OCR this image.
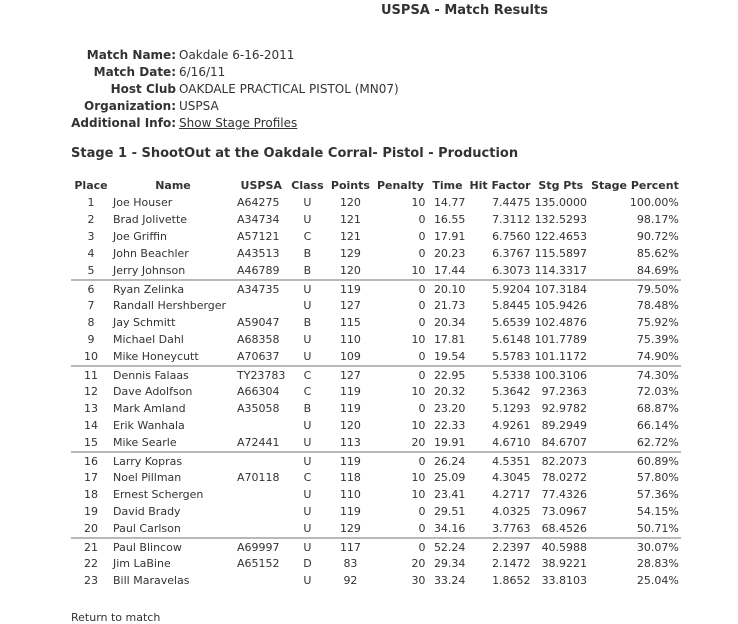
USPSA - Match Results
Match Name: Oakdale 6-16-2011
Match Date: 6/16/11
Host Club OAKDALE PRACTICAL PISTOL (MN07)
Organization: USPSA
Additional Info: Show Stage Profiles
Stage 1 - ShootOut at the Oakdale Corral- Pistol - Production
Place	Name	USPSA	Class	Points	Penalty	Time	Hit Factor	Stg Pts	Stage Percent
1	Joe Houser	A64275	U	120	10	14.77	7.4475	135.0000	100.00%
2	Brad Jolivette	A34734	U	121	0	16.55	7.3112	132.5293	98.17%
3	Joe Griffin	A57121	C	121	0	17.91	6.7560	122.4653	90.72%
4	John Beachler	A43513	B	129	0	20.23	6.3767	115.5897	85.62%
5	Jerry Johnson	A46789	B	120	10	17.44	6.3073	114.3317	84.69%
6	Ryan Zelinka	A34735	U	119	0	20.10	5.9204	107.3184	79.50%
7	Randall Hershberger		U	127	0	21.73	5.8445	105.9426	78.48%
8	Jay Schmitt	A59047	B	115	0	20.34	5.6539	102.4876	75.92%
9	Michael Dahl	A68358	U	110	10	17.81	5.6148	101.7789	75.39%
10	Mike Honeycutt	A70637	U	109	0	19.54	5.5783	101.1172	74.90%
11	Dennis Falaas	TY23783	C	127	0	22.95	5.5338	100.3106	74.30%
12	Dave Adolfson	A66304	C	119	10	20.32	5.3642	97.2363	72.03%
13	Mark Amland	A35058	B	119	0	23.20	5.1293	92.9782	68.87%
14	Erik Wanhala		U	120	10	22.33	4.9261	89.2949	66.14%
15	Mike Searle	A72441	U	113	20	19.91	4.6710	84.6707	62.72%
16	Larry Kopras		U	119	0	26.24	4.5351	82.2073	60.89%
17	Noel Pillman	A70118	C	118	10	25.09	4.3045	78.0272	57.80%
18	Ernest Schergen		U	110	10	23.41	4.2717	77.4326	57.36%
19	David Brady		U	119	0	29.51	4.0325	73.0967	54.15%
20	Paul Carlson		U	129	0	34.16	3.7763	68.4526	50.71%
21	Paul Blincow	A69997	U	117	0	52.24	2.2397	40.5988	30.07%
22	Jim LaBine	A65152	D	83	20	29.34	2.1472	38.9221	28.83%
23	Bill Maravelas		U	92	30	33.24	1.8652	33.8103	25.04%
Return to match
